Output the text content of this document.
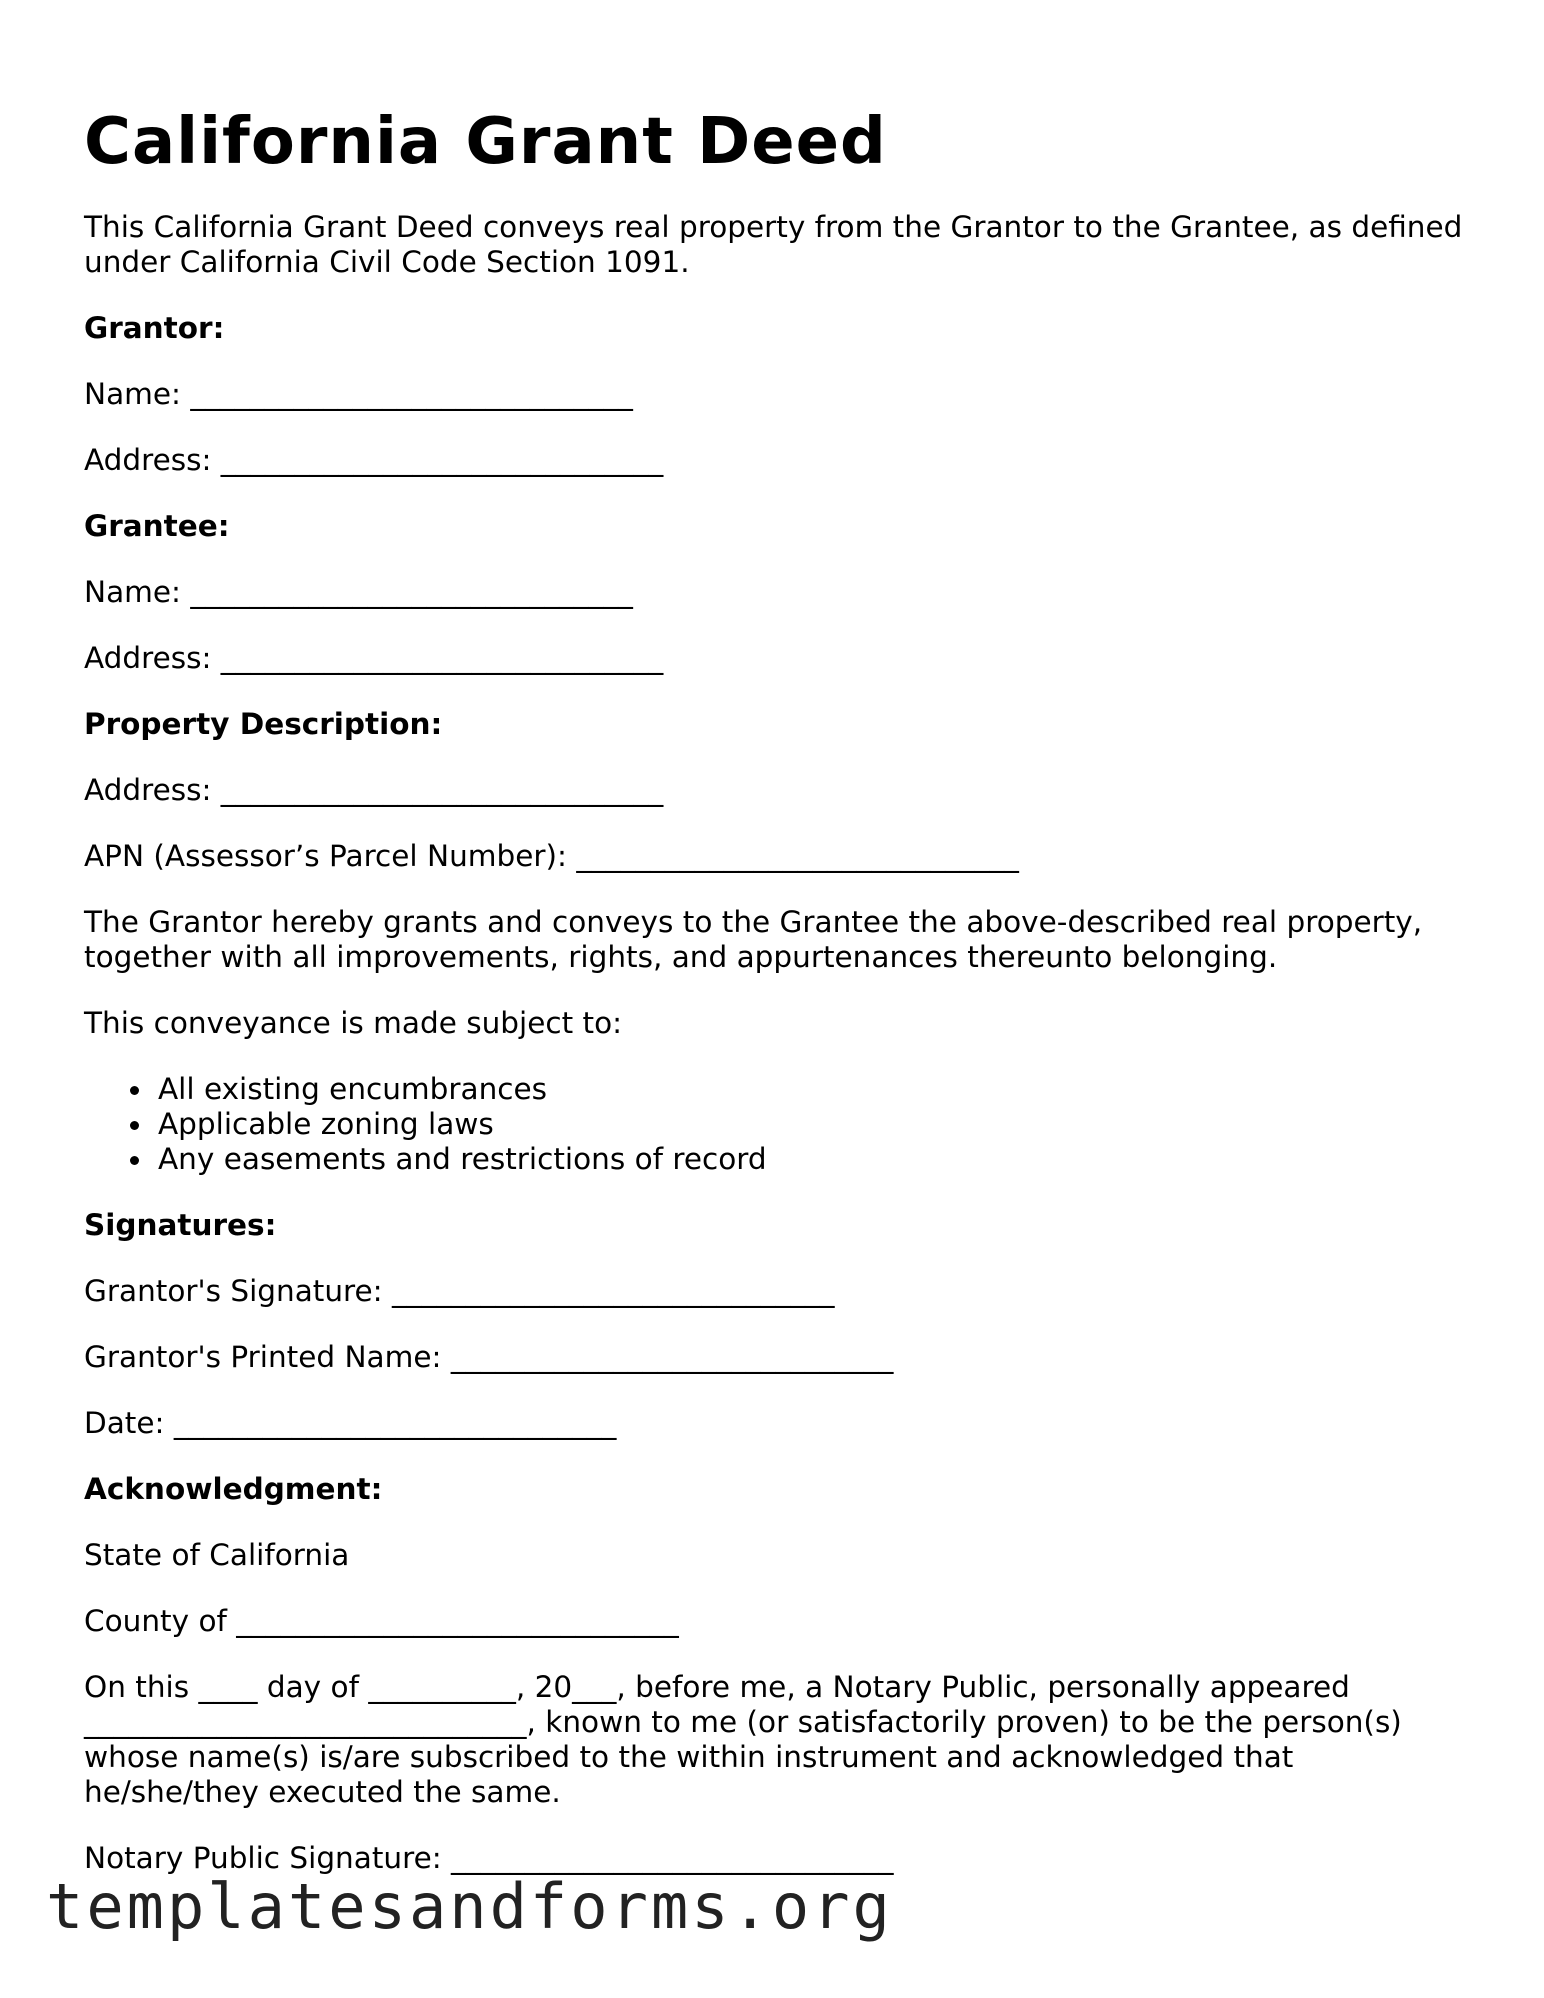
California Grant Deed

This California Grant Deed conveys real property from the Grantor to the Grantee, as defined under California Civil Code Section 1091.

Grantor:

Name: ______________________________

Address: ______________________________

Grantee:

Name: ______________________________

Address: ______________________________

Property Description:

Address: ______________________________

APN (Assessor’s Parcel Number): ______________________________

The Grantor hereby grants and conveys to the Grantee the above-described real property, together with all improvements, rights, and appurtenances thereunto belonging.

This conveyance is made subject to:

All existing encumbrances
Applicable zoning laws
Any easements and restrictions of record

Signatures:

Grantor's Signature: ______________________________

Grantor's Printed Name: ______________________________

Date: ______________________________

Acknowledgment:

State of California

County of ______________________________

On this ____ day of __________, 20___, before me, a Notary Public, personally appeared ______________________________, known to me (or satisfactorily proven) to be the person(s) whose name(s) is/are subscribed to the within instrument and acknowledged that he/she/they executed the same.

Notary Public Signature: ______________________________

templatesandforms.org
